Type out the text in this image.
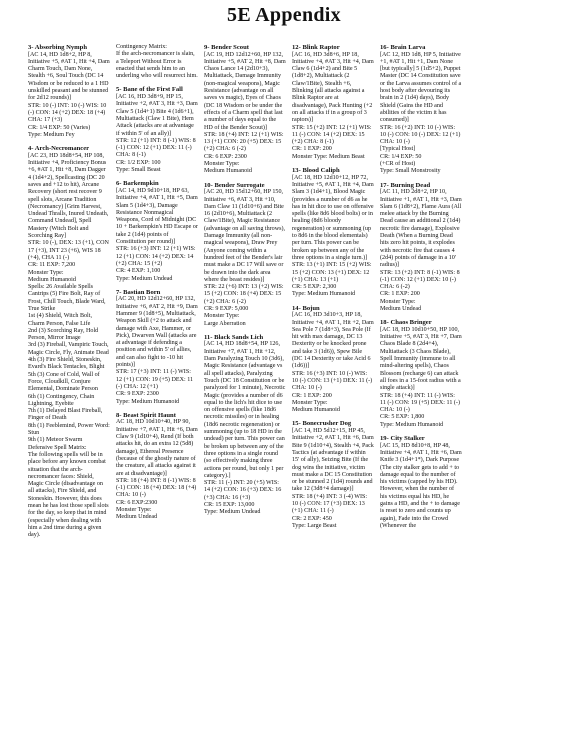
5E Appendix
3- Absorbing Nymph
[AC 14, HD 1d8+2, HP 8, Initiative +5, #AT 1, Hit +4, Dam Charm Touch, Dam None, Stealth +6, Soul Touch (DC 14 Wisdom or be reduced to a 1 HD unskilled peasant and be stunned for 2d12 rounds)]
STR: 10 (-) INT: 10 (-) WIS: 10 (-) CON: 14 (+2) DEX: 18 (+4) CHA: 17 (+3)
CR: 1/4 EXP: 50 (Varies)
Type: Medium Fey
4- Arch-Necromancer
[AC 23, HD 18d8+54, HP 108, Initiative +4, Proficiency Bonus +6, #AT 1, Hit +8, Dam Dagger 4 (1d4+2), Spellcasting (DC 20 saves and +12 to hit), Arcane Recovery (short rest recover 9 spell slots, Arcane Tradition (Necromancy) [Grim Harvest, Undead Thralls, Inured Undeath, Command Undead], Spell Mastery (Witch Bolt and Scorching Ray]
STR: 10 (-), DEX: 13 (+1), CON 17 (+3), INT 23 (+6), WIS 18 (+4), CHA 11 (-)
CR: 11 EXP: 7,200
Monster Type:
Medium Humanoid
Spells: 26 Available Spells
Cantrips (5) Fire Bolt, Ray of Frost, Chill Touch, Blade Ward, True Strike
1st (4) Shield, Witch Bolt, Charm Person, False Life
2nd (3) Scorching Ray, Hold Person, Mirror Image
3rd (3) Fireball, Vampiric Touch, Magic Circle, Fly, Animate Dead
4th (3) Fire Shield, Stoneskin, Evard's Black Tentacles, Blight
5th (3) Cone of Cold, Wall of Force, Cloudkill, Conjure Elemental, Dominate Person
6th (1) Contingency, Chain Lightning, Eyebite
7th (1) Delayed Blast Fireball, Finger of Death
8th (1) Feeblemind, Power Word: Stun
9th (1) Meteor Swarm
Defensive Spell Matrix:
The following spells will be in place before any known combat situation that the arch-necromancer faces: Shield, Magic Circle (disadvantage on all attacks), Fire Shield, and Stoneskin. However, this does mean he has lost those spell slots for the day, so keep that in mind (especially when dealing with him a 2nd time during a given day).
Contingency Matrix:
If the arch-necromancer is slain, a Teleport Without Error is enacted that sends him to an underling who will resurrect him.
5- Bane of the First Fall
[AC 16, HD 3d8+9, HP 15, Initiative +2, #AT 3, Hit +3, Dam Claw 5 (1d4+1) Bite 4 (1d6+1), Multiattack (Claw 1 Bite), Hem Attack (attacks are at advantage if within 5' of an ally)]
STR: 12 (+1) INT: 8 (-1) WIS: 8 (-1) CON: 12 (+1) DEX: 11 (-) CHA: 8 (-1)
CR: 1/2 EXP: 100
Type: Small Beast
6- Barkempkin
[AC 14, HD 9d10+18, HP 63, Initiative +4, #AT 1, Hit +5, Dam Slam 5 (1d4+3), Damage Resistance Nonmagical Weapons, Cord of Midnight (DC 10 + Barkempkin's HD Escape or take 2 (1d4) points of Constitution per round)]
STR: 16 (+3) INT: 12 (+1) WIS: 12 (+1) CON: 14 (+2) DEX: 14 (+2) CHA: 15 (+2)
CR: 4 EXP: 1,100
Type: Medium Undead
7- Bastian Born
[AC 20, HD 12d12+60, HP 132, Initiative +6, #AT 2, Hit +9, Dam Hammer 9 (1d8+5), Multiattack, Weapon Skill (+2 to attack and damage with Axe, Hammer, or Pick), Dwarven Wall (attacks are at advantage if defending a position and within 5' of allies, and can also fight to -10 hit points)]
STR: 17 (+3) INT: 11 (-) WIS: 12 (+1) CON: 19 (+5) DEX: 11 (-) CHA: 12 (+1)
CR: 9 EXP: 2300
Type: Medium Humanoid
8- Beast Spirit Haunt
AC 18, HD 10d10+40, HP 90, Initiative +7, #AT 1, Hit +6, Dam Claw 9 (1d10+4), Rend (If both attacks hit, do an extra 12 (5d8) damage), Ethereal Presence (because of the ghostly nature of the creature, all attacks against it are at disadvantage)]
STR: 18 (+4) INT: 8 (-1) WIS: 8 (-1) CON: 18 (+4) DEX: 18 (+4) CHA: 10 (-)
CR: 6 EXP:2300
Monster Type:
Medium Undead
9- Bender Scout
[AC 19, HD 12d12+60, HP 132, Initiative +5, #AT 2, Hit +8, Dam Chaos Lance 14 (2d10+3), Multiattack, Damage Immunity (non-magical weapons), Magic Resistance (advantage on all saves vs magic), Eyes of Chaos (DC 18 Wisdom or be under the effects of a Charm spell that last a number of days equal to the HD of the Bender Scout)]
STR: 18 (+4) INT: 12 (+1) WIS: 13 (+1) CON: 20 (+5) DEX: 15 (+2) CHA: 6 (-2)
CR: 6 EXP: 2300
Monster Type:
Medium Humanoid
10- Bender Surrogate
[AC 20, HD 15d12+60, HP 150, Initiative +6, #AT 3, Hit +10, Dam Claw 11 (1d10+6) and Bite 16 (2d10+6), Multiattack (2 Claw/1Bite), Magic Resistance (advantage on all saving throws), Damage Immunity (all non-magical weapons), Draw Prey (Anyone coming within a hundred feet of the Bender's lair must make a DC 17 Will save or be drawn into the dark area where the beast resides)]
STR: 22 (+6) INT: 13 (+2) WIS: 15 (+2) CON: 18 (+4) DEX: 15 (+2) CHA: 6 (-2)
CR: 9 EXP: 5,000
Monster Type:
Large Aberration
11- Black Sands Lich
[AC 14, HD 18d8+54, HP 126, Initiative +7, #AT 1, Hit +12, Dam Paralyzing Touch 10 (3d6), Magic Resistance (advantage vs all spell attacks), Paralyzing Touch (DC 18 Constitution or be paralyzed for 1 minute), Necrotic Magic (provides a number of d6 equal to the lich's hit dice to use on offensive spells (like 18d6 necrotic missiles) or in healing (18d6 necrotic regeneration) or summoning (up to 18 HD in the undead) per turn. This power can be broken up between any of the three options in a single round (so effectively making three actions per round, but only 1 per category).]
STR: 11 (-) INT: 20 (+5) WIS: 14 (+2) CON: 16 (+3) DEX: 16 (+3) CHA: 16 (+3)
CR: 15 EXP: 13,000
Type: Medium Undead
12- Blink Raptor
[AC 16, HD 3d8+6, HP 18, Initiative +4, #AT 3, Hit +4, Dam Claw 6 (1d4+2) and Bite 5 (1d8+2), Multiattack (2 Claw/1Bite), Stealth +6, Blinking (all attacks against a Blink Raptor are at disadvantage), Pack Hunting (+2 on all attacks if in a group of 3 raptors)]
STR: 15 (+2) INT: 12 (+1) WIS: 11 (-) CON: 14 (+2) DEX: 15 (+2) CHA: 8 (-1)
CR: 1 EXP: 200
Monster Type: Medium Beast
13- Blood Caliph
[AC 18, HD 12d10+12, HP 72, Initiative +5, #AT 1, Hit +4, Dam Slam 3 (1d4+1), Blood Magic (provides a number of d6 as he has in hit dice to use on offensive spells (like 8d6 blood bolts) or in healing (8d6 bloody regeneration) or summoning (up to 8d6 in the blood elementals) per turn. This power can be broken up between any of the three options in a single turn.)]
STR: 13 (+1) INT: 15 (+2) WIS: 15 (+2) CON: 13 (+1) DEX: 12 (+1) CHA: 13 (+1)
CR: 5 EXP: 2,300
Type: Medium Humanoid
14- Bojun
[AC 16, HD 3d10+3, HP 18, Initiative +4, #AT 1, Hit +2, Dam Sea Pole 7 (1d8+3), Sea Pole (If hit with max damage, DC 13 Dexterity or be knocked prone and take 3 (1d6)), Spew Bile (DC 14 Dexterity or take Acid 6 (1d6))]
STR: 16 (+3) INT: 10 (-) WIS: 10 (-) CON: 13 (+1) DEX: 11 (-) CHA: 10 (-)
CR: 1 EXP: 200
Monster Type:
Medium Humanoid
15- Bonecrusher Dog
[AC 14, HD 5d12+15, HP 45, Initiative +2, #AT 1, Hit +6, Dam Bite 9 (1d10+4), Stealth +4, Pack Tactics (at advantage if within 15' of ally), Seizing Bite (If the dog wins the initiative, victim must make a DC 15 Constitution or be stunned 2 (1d4) rounds and take 12 (3d8+4 damage)]
STR: 18 (+4) INT: 3 (-4) WIS: 10 (-) CON: 17 (+3) DEX: 13 (+1) CHA: 11 (-)
CR: 2 EXP: 450
Type: Large Beast
16- Brain Larva
[AC 12, HD 1d8, HP 5, Initiative +1, #AT 1, Hit +1, Dam None [but typically] 5 (1d5+2), Puppet Master (DC 14 Constitution save or the Larva assumes control of a host body after devouring its brain in 2 (1d4) days), Body Shield (Gains the HD and abilities of the victim it has consumed)]
STR: 16 (+2) INT: 10 (-) WIS: 10 (-) CON: 10 (-) DEX: 12 (+1) CHA: 10 (-)
[Typical Host]
CR: 1/4 EXP: 50
(+CR of Host)
Type: Small Monstrosity
17- Burning Dead
[AC 11, HD 2d8+2, HP 10, Initiative +1, #AT 1, Hit +3, Dam Slam 6 (1d8+2), Flame Aura (All melee attack by the Burning Dead cause an additional 2 (1d4) necrotic fire damage), Explosive Death (When a Burning Dead hits zero hit points, it explodes with necrotic fire that causes 4 (2d4) points of damage in a 10' radius)]
STR: 13 (+2) INT: 8 (-1) WIS: 8 (-1) CON: 12 (+1) DEX: 10 (-) CHA: 6 (-2)
CR: 1 EXP: 200
Monster Type:
Medium Undead
18- Chaos Bringer
[AC 18, HD 10d10+50, HP 100, Initiative +5, #AT 3, Hit +7, Dam Chaos Blade 8 (2d4+4), Multiattack (3 Chaos Blade), Spell Immunity (immune to all mind-altering spells), Chaos Blossom (recharge 6) can attack all foes in a 15-foot radius with a single attack)]
STR: 18 (+4) INT: 11 (-) WIS: 11 (-) CON: 19 (+5) DEX: 11 (-) CHA: 10 (-)
CR: 5 EXP: 1,800
Type: Medium Humanoid
19- City Stalker
[AC 15, HD 8d10+8, HP 48, Initiative +4, #AT 1, Hit +6, Dam Knife 3 (1d4+1*), Dark Purpose (The city stalker gets to add + to damage equal to the number of his victims (capped by his HD). However, when the number of his victims equal his HD, he gains a HD, and the + to damage is reset to zero and counts up again), Fade into the Crowd (Whenever the
